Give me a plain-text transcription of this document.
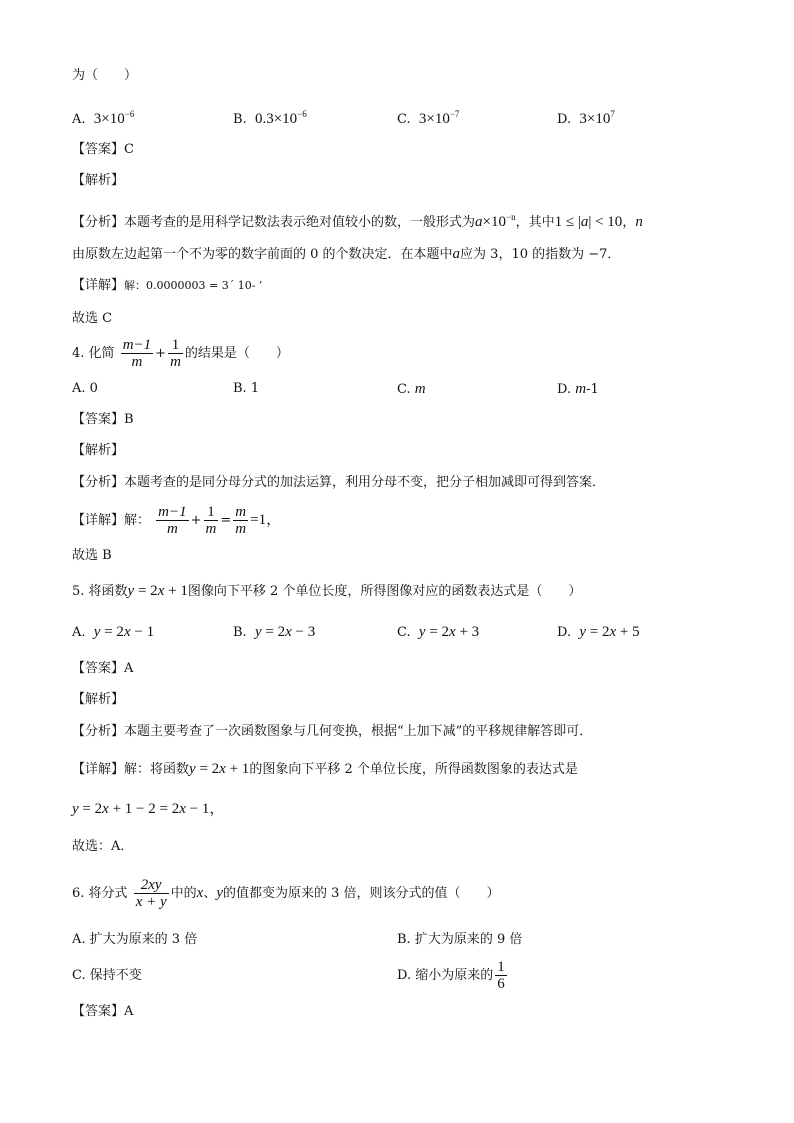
为（　　）
A. $3\times 10^{-6}$	B. $0.3\times 10^{-6}$	C. $3\times 10^{-7}$	D. $3\times 10^7$
【答案】C
【解析】
【分析】本题考查的是用科学记数法表示绝对值较小的数，一般形式为$a\times 10^{-n}$，其中1 ≤ |a| < 10，n
由原数左边起第一个不为零的数字前面的 0 的个数决定．在本题中a应为 3，10 的指数为 −7．
【详解】解：0.0000003 = 3´ 10- ’
故选 C
4. 化简 $\frac{m-1}{m} + \frac{1}{m}$ 的结果是（　　）
A. 0	B. 1	C. m	D. m-1
【答案】B
【解析】
【分析】本题考查的是同分母分式的加法运算，利用分母不变，把分子相加减即可得到答案．
【详解】解： $\frac{m-1}{m} + \frac{1}{m} = \frac{m}{m} =1$，
故选 B
5. 将函数y = 2x + 1图像向下平移 2 个单位长度，所得图像对应的函数表达式是（　　）
A. y = 2x − 1	B. y = 2x − 3	C. y = 2x + 3	D. y = 2x + 5
【答案】A
【解析】
【分析】本题主要考查了一次函数图象与几何变换，根据“上加下减”的平移规律解答即可．
【详解】解：将函数y = 2x + 1的图象向下平移 2 个单位长度，所得函数图象的表达式是
y = 2x + 1 − 2 = 2x − 1，
故选：A．
6. 将分式 $\frac{2xy}{x + y}$ 中的x、y的值都变为原来的 3 倍，则该分式的值（　　）
A. 扩大为原来的 3 倍	B. 扩大为原来的 9 倍
C. 保持不变	D. 缩小为原来的 $\frac{1}{6}$
【答案】A
